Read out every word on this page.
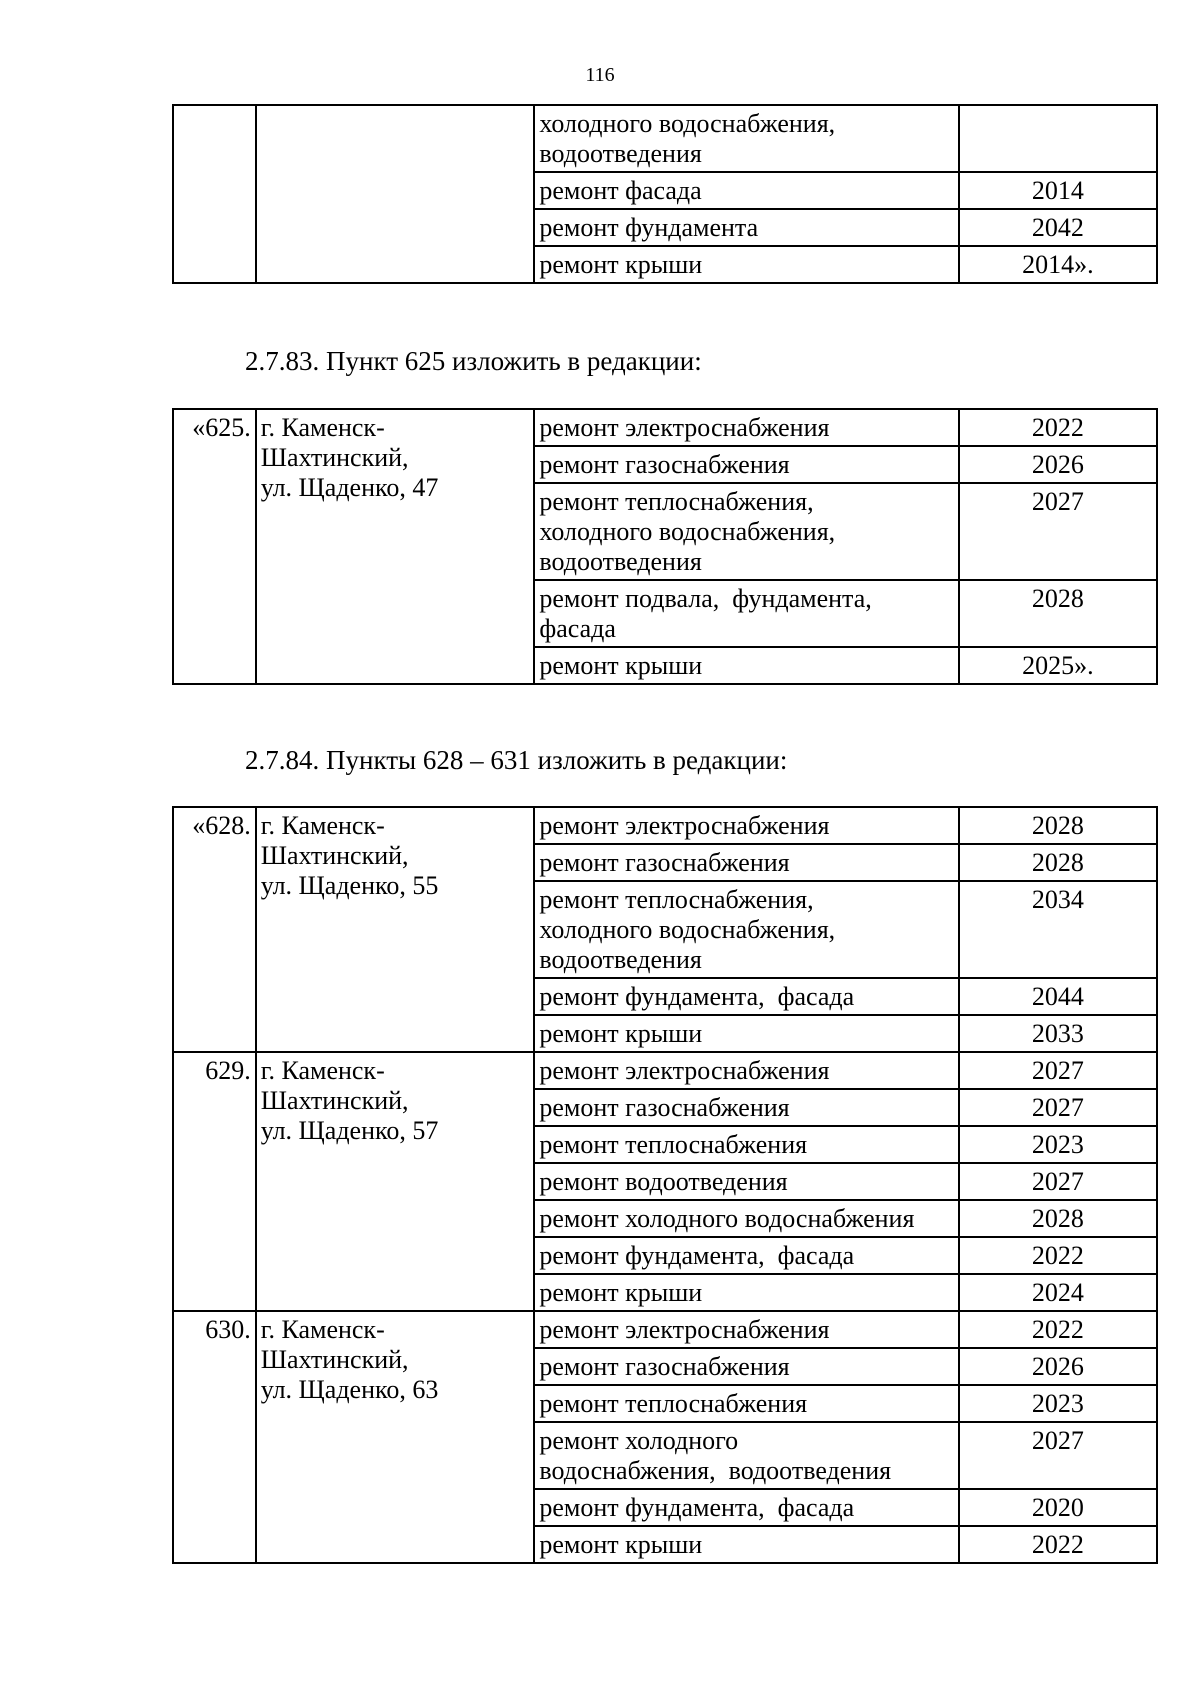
116
		холодного водоснабжения,
водоотведения	
		ремонт фасада	2014
		ремонт фундамента	2042
		ремонт крыши	2014».
2.7.83. Пункт 625 изложить в редакции:
«625.	г. Каменск-
Шахтинский,
ул. Щаденко, 47	ремонт электроснабжения	2022
		ремонт газоснабжения	2026
		ремонт теплоснабжения,
холодного водоснабжения,
водоотведения	2027
		ремонт подвала,  фундамента,
фасада	2028
		ремонт крыши	2025».
2.7.84. Пункты 628 – 631 изложить в редакции:
«628.	г. Каменск-
Шахтинский,
ул. Щаденко, 55	ремонт электроснабжения	2028
		ремонт газоснабжения	2028
		ремонт теплоснабжения,
холодного водоснабжения,
водоотведения	2034
		ремонт фундамента,  фасада	2044
		ремонт крыши	2033
629.	г. Каменск-
Шахтинский,
ул. Щаденко, 57	ремонт электроснабжения	2027
		ремонт газоснабжения	2027
		ремонт теплоснабжения	2023
		ремонт водоотведения	2027
		ремонт холодного водоснабжения	2028
		ремонт фундамента,  фасада	2022
		ремонт крыши	2024
630.	г. Каменск-
Шахтинский,
ул. Щаденко, 63	ремонт электроснабжения	2022
		ремонт газоснабжения	2026
		ремонт теплоснабжения	2023
		ремонт холодного
водоснабжения,  водоотведения	2027
		ремонт фундамента,  фасада	2020
		ремонт крыши	2022
